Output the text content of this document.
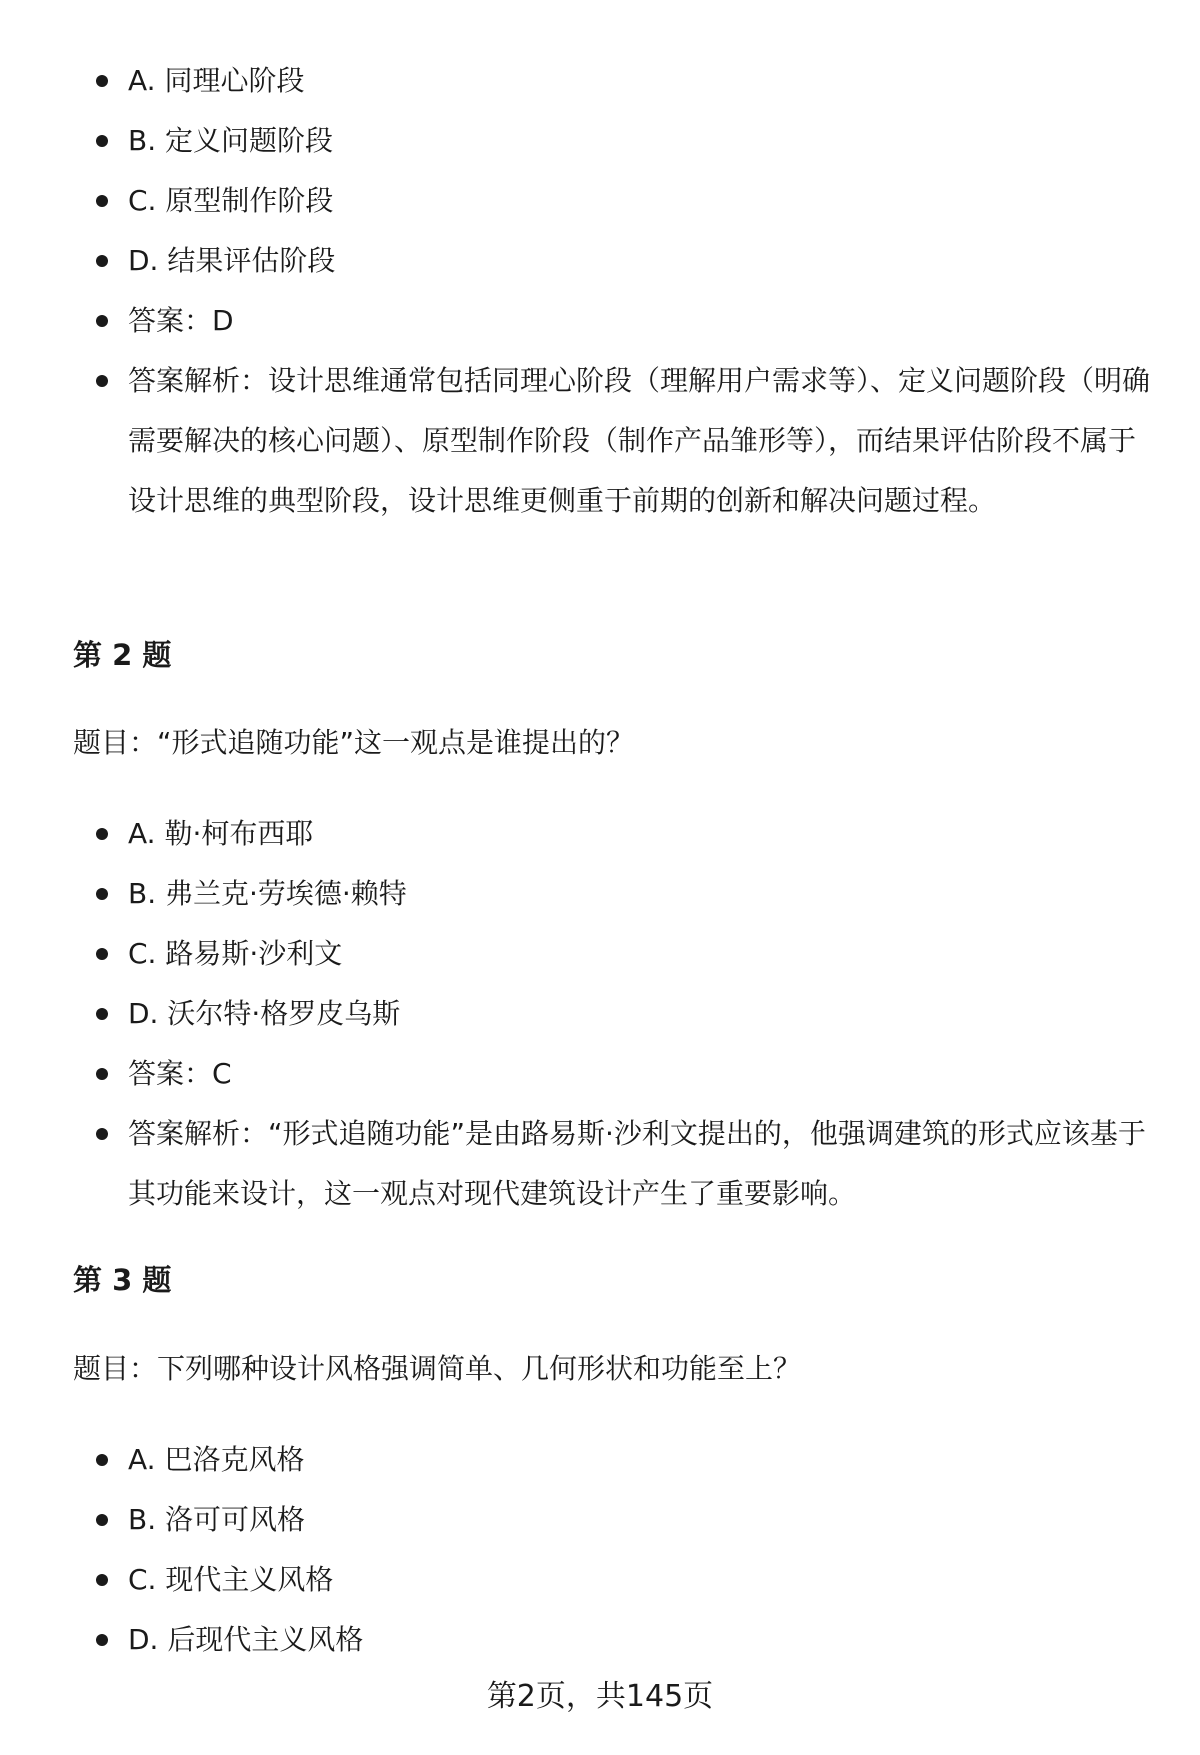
A. 同理心阶段
B. 定义问题阶段
C. 原型制作阶段
D. 结果评估阶段
答案：D
答案解析：设计思维通常包括同理心阶段（理解用户需求等）、定义问题阶段（明确需要解决的核心问题）、原型制作阶段（制作产品雏形等），而结果评估阶段不属于设计思维的典型阶段，设计思维更侧重于前期的创新和解决问题过程。
第 2 题

题目：“形式追随功能”这一观点是谁提出的？

A. 勒·柯布西耶
B. 弗兰克·劳埃德·赖特
C. 路易斯·沙利文
D. 沃尔特·格罗皮乌斯
答案：C
答案解析：“形式追随功能”是由路易斯·沙利文提出的，他强调建筑的形式应该基于其功能来设计，这一观点对现代建筑设计产生了重要影响。
第 3 题

题目：下列哪种设计风格强调简单、几何形状和功能至上？

A. 巴洛克风格
B. 洛可可风格
C. 现代主义风格
D. 后现代主义风格
第2页，共145页
